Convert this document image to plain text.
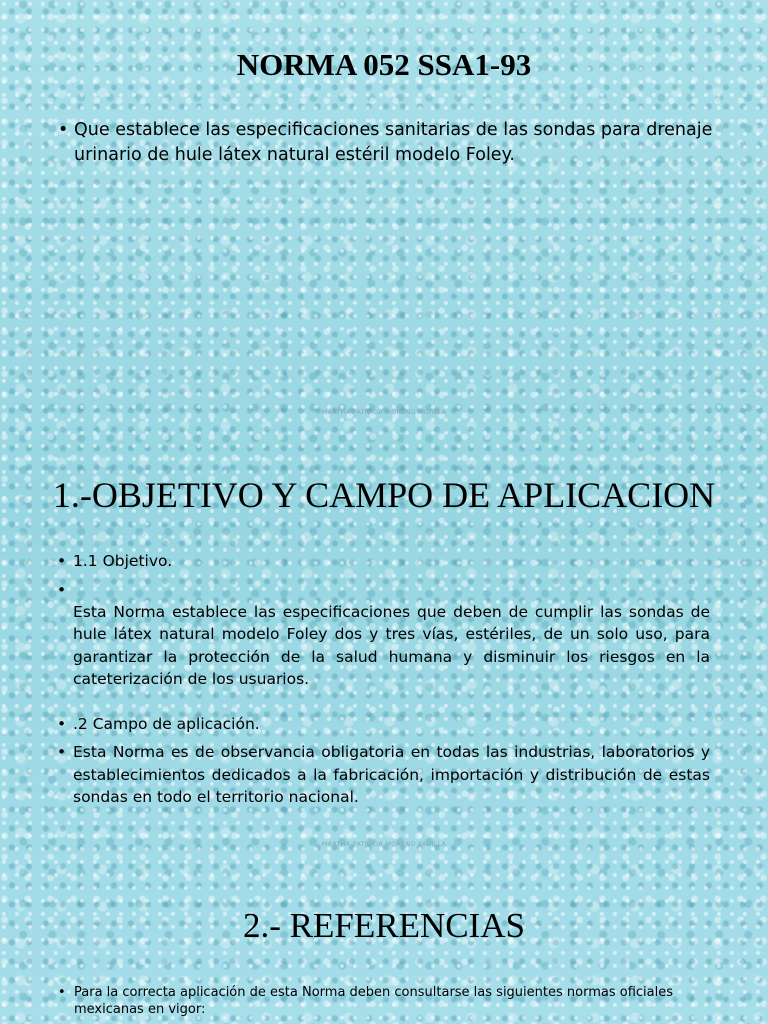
NORMA 052 SSA1-93
• Que establece las especificaciones sanitarias de las sondas para drenaje urinario de hule látex natural estéril modelo Foley.
MARTHA PATRICIA MORENO PADILLA
1.-OBJETIVO Y CAMPO DE APLICACION
• 1.1 Objetivo.
•
Esta Norma establece las especificaciones que deben de cumplir las sondas de hule látex natural modelo Foley dos y tres vías, estériles, de un solo uso, para garantizar la protección de la salud humana y disminuir los riesgos en la cateterización de los usuarios.
• .2 Campo de aplicación.
• Esta Norma es de observancia obligatoria en todas las industrias, laboratorios y establecimientos dedicados a la fabricación, importación y distribución de estas sondas en todo el territorio nacional.
MARTHA PATRICIA MORENO PADILLA
2.- REFERENCIAS
• Para la correcta aplicación de esta Norma deben consultarse las siguientes normas oficiales mexicanas en vigor:
